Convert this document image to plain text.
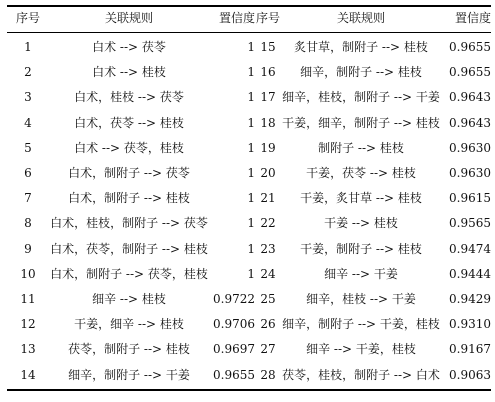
序号	关联规则	置信度 序号	关联规则	置信度
1	白术 --> 茯苓	1 15	炙甘草，制附子 --> 桂枝	0.9655
2	白术 --> 桂枝	1 16	细辛，制附子 --> 桂枝	0.9655
3	白术，桂枝 --> 茯苓	1 17 细辛，桂枝，制附子 --> 干姜 0.9643
4	白术，茯苓 --> 桂枝	1 18 干姜，细辛，制附子 --> 桂枝 0.9643
5	白术 --> 茯苓，桂枝	1 19	制附子 --> 桂枝	0.9630
6	白术，制附子 --> 茯苓	1 20	干姜，茯苓 --> 桂枝	0.9630
7	白术，制附子 --> 桂枝	1 21	干姜，炙甘草 --> 桂枝	0.9615
8	白术，桂枝，制附子 --> 茯苓	1 22	干姜 --> 桂枝	0.9565
9	白术，茯苓，制附子 --> 桂枝	1 23	干姜，制附子 --> 桂枝	0.9474
10	白术，制附子 --> 茯苓，桂枝	1 24	细辛 --> 干姜	0.9444
11	细辛 --> 桂枝	0.9722 25	细辛，桂枝 --> 干姜	0.9429
12	干姜，细辛 --> 桂枝	0.9706 26 细辛，制附子 --> 干姜，桂枝 0.9310
13	茯苓，制附子 --> 桂枝	0.9697 27	细辛 --> 干姜，桂枝	0.9167
14	细辛，制附子 --> 干姜	0.9655 28 茯苓，桂枝，制附子 --> 白术 0.9063
